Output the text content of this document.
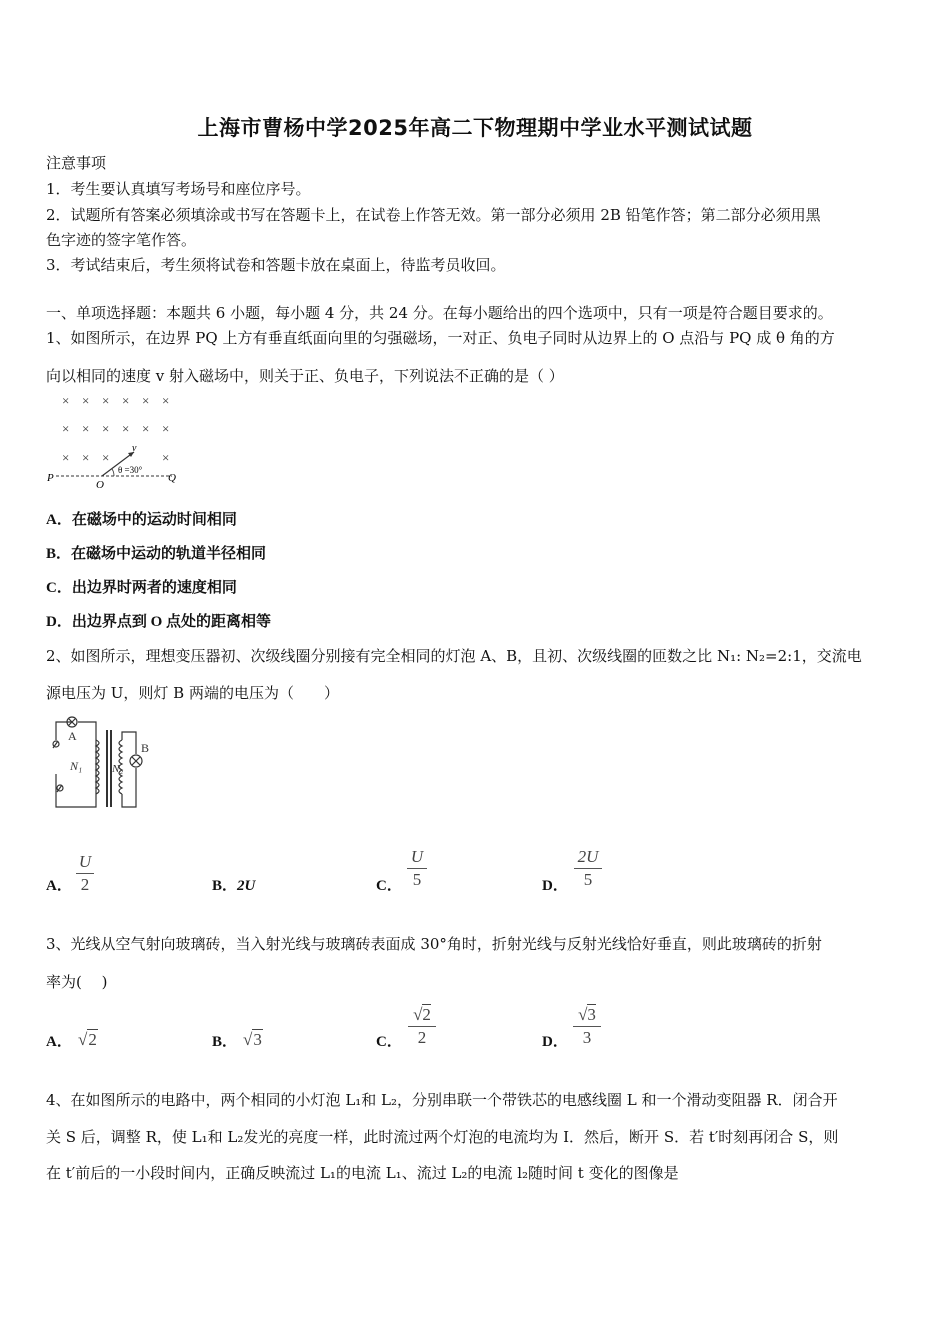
上海市曹杨中学2025年高二下物理期中学业水平测试试题
注意事项
1．考生要认真填写考场号和座位序号。
2．试题所有答案必须填涂或书写在答题卡上，在试卷上作答无效。第一部分必须用 2B 铅笔作答；第二部分必须用黑
色字迹的签字笔作答。
3．考试结束后，考生须将试卷和答题卡放在桌面上，待监考员收回。
一、单项选择题：本题共 6 小题，每小题 4 分，共 24 分。在每小题给出的四个选项中，只有一项是符合题目要求的。
1、如图所示，在边界 PQ 上方有垂直纸面向里的匀强磁场，一对正、负电子同时从边界上的 O 点沿与 PQ 成 θ 角的方
向以相同的速度 v 射入磁场中，则关于正、负电子，下列说法不正确的是（ ）
× × × × × ×
× × × × × ×
× × ×	×
P
O
Q
v
θ =30°
A．在磁场中的运动时间相同
B．在磁场中运动的轨道半径相同
C．出边界时两者的速度相同
D．出边界点到 O 点处的距离相等
2、如图所示，理想变压器初、次级线圈分别接有完全相同的灯泡 A、B，且初、次级线圈的匝数之比 N₁: N₂=2:1，交流电
源电压为 U，则灯 B 两端的电压为（　　）
A
B
N₁	N₂
A．
U
2	B．2U	C．
U
5	D．
2U
5
3、光线从空气射向玻璃砖，当入射光线与玻璃砖表面成 30°角时，折射光线与反射光线恰好垂直，则此玻璃砖的折射
率为(　 )
A． √2	B． √3	C．
√2
2	D．
√3
3
4、在如图所示的电路中，两个相同的小灯泡 L₁和 L₂，分别串联一个带铁芯的电感线圈 L 和一个滑动变阻器 R．闭合开
关 S 后，调整 R，使 L₁和 L₂发光的亮度一样，此时流过两个灯泡的电流均为 I．然后，断开 S．若 t′时刻再闭合 S，则
在 t′前后的一小段时间内，正确反映流过 L₁的电流 L₁、流过 L₂的电流 l₂随时间 t 变化的图像是
